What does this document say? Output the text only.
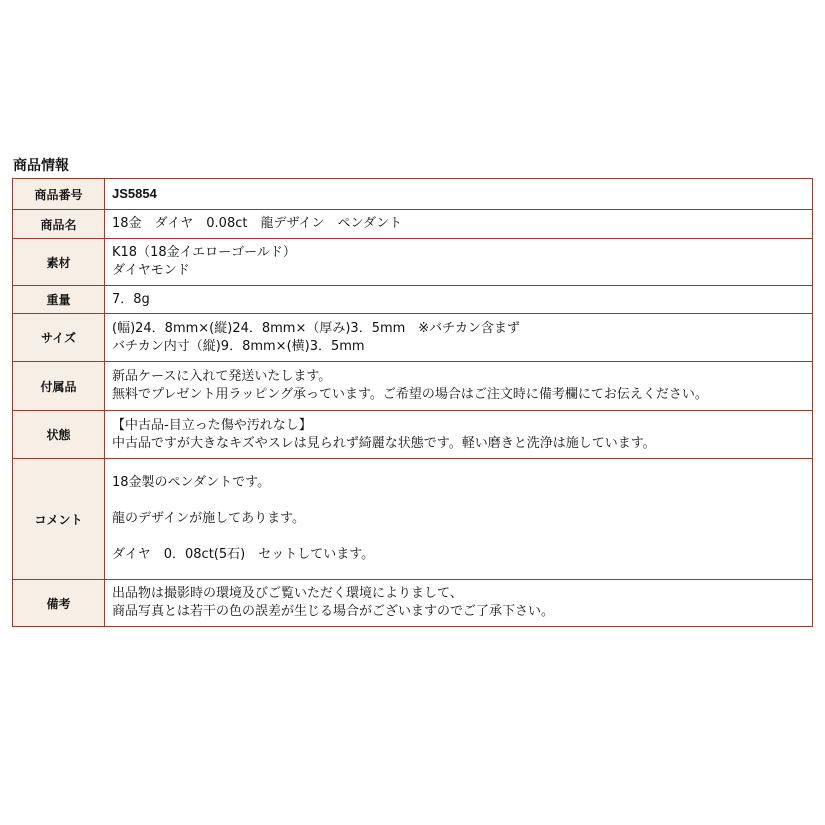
商品情報
商品番号	JS5854

商品名	18金　ダイヤ　0.08ct　龍デザイン　ペンダント

素材	K18（18金イエローゴールド）
ダイヤモンド

重量	7．8g

サイズ	(幅)24．8mm×(縦)24．8mm×（厚み)3．5mm　※バチカン含まず
バチカン内寸（縦)9．8mm×(横)3．5mm

付属品	新品ケースに入れて発送いたします。
無料でプレゼント用ラッピング承っています。ご希望の場合はご注文時に備考欄にてお伝えください。

状態	【中古品-目立った傷や汚れなし】
中古品ですが大きなキズやスレは見られず綺麗な状態です。軽い磨きと洗浄は施しています。

コメント	18金製のペンダントです。
龍のデザインが施してあります。
ダイヤ　0．08ct(5石)　セットしています。

備考	出品物は撮影時の環境及びご覧いただく環境によりまして、
商品写真とは若干の色の誤差が生じる場合がございますのでご了承下さい。
